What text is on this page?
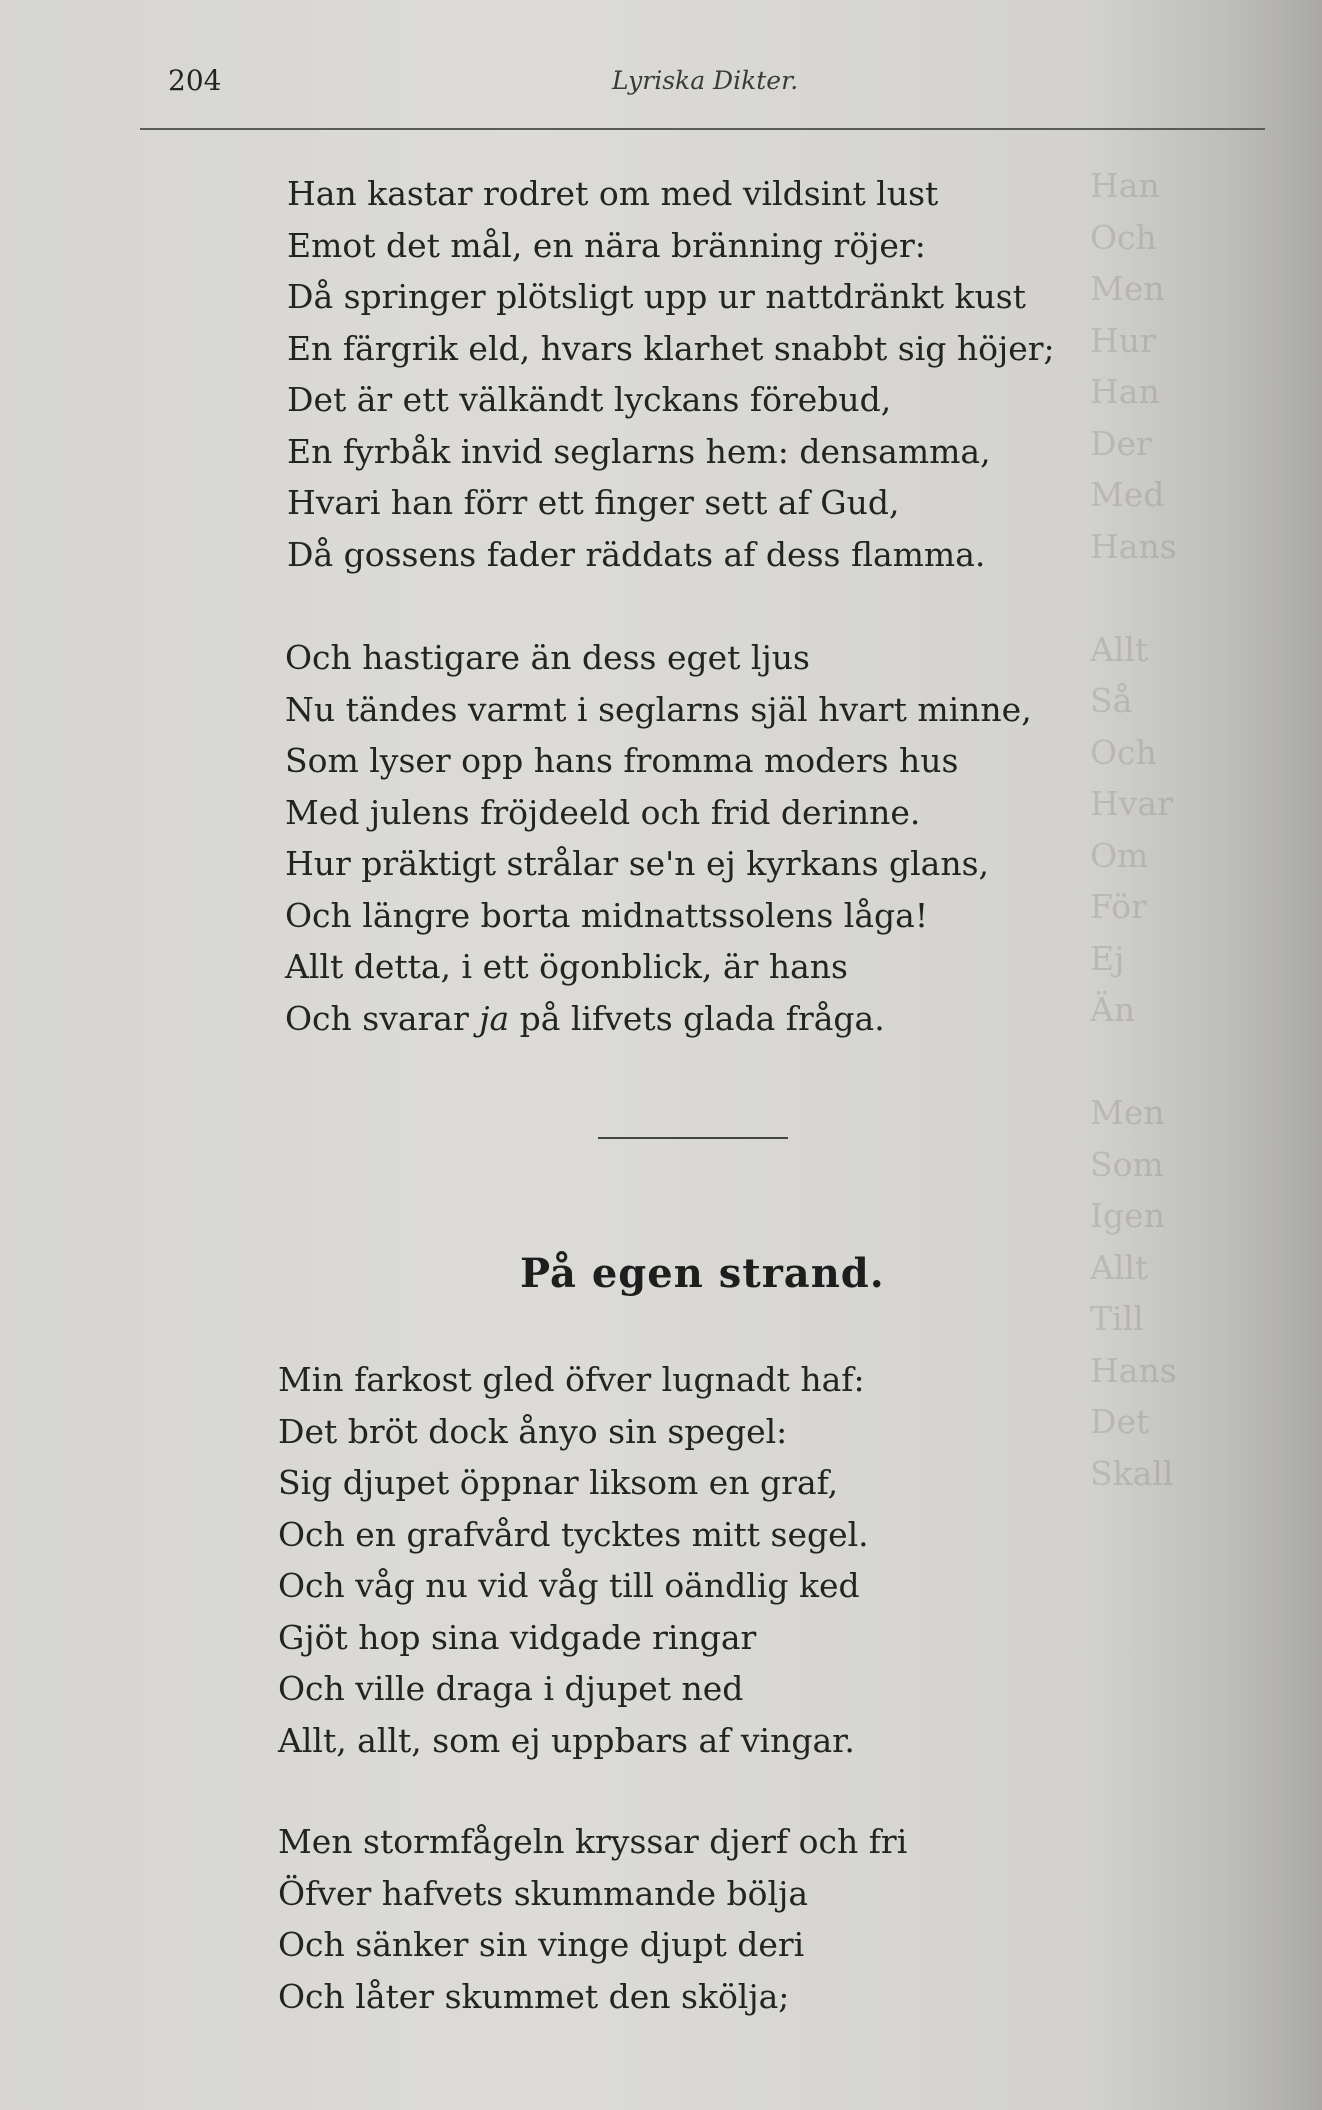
Han
Och
Men
Hur
Han
Der
Med
Hans

Allt
Så
Och
Hvar
Om
För
Ej
Än

Men
Som
Igen
Allt
Till
Hans
Det
Skall
204	Lyriska Dikter.
Han kastar rodret om med vildsint lust
Emot det mål, en nära bränning röjer:
Då springer plötsligt upp ur nattdränkt kust
En färgrik eld, hvars klarhet snabbt sig höjer;
Det är ett välkändt lyckans förebud,
En fyrbåk invid seglarns hem: densamma,
Hvari han förr ett finger sett af Gud,
Då gossens fader räddats af dess flamma.
Och hastigare än dess eget ljus
Nu tändes varmt i seglarns själ hvart minne,
Som lyser opp hans fromma moders hus
Med julens fröjdeeld och frid derinne.
Hur präktigt strålar se'n ej kyrkans glans,
Och längre borta midnattssolens låga!
Allt detta, i ett ögonblick, är hans
Och svarar ja på lifvets glada fråga.
På egen strand.
Min farkost gled öfver lugnadt haf:
Det bröt dock ånyo sin spegel:
Sig djupet öppnar liksom en graf,
Och en grafvård tycktes mitt segel.
Och våg nu vid våg till oändlig ked
Gjöt hop sina vidgade ringar
Och ville draga i djupet ned
Allt, allt, som ej uppbars af vingar.
Men stormfågeln kryssar djerf och fri
Öfver hafvets skummande bölja
Och sänker sin vinge djupt deri
Och låter skummet den skölja;
